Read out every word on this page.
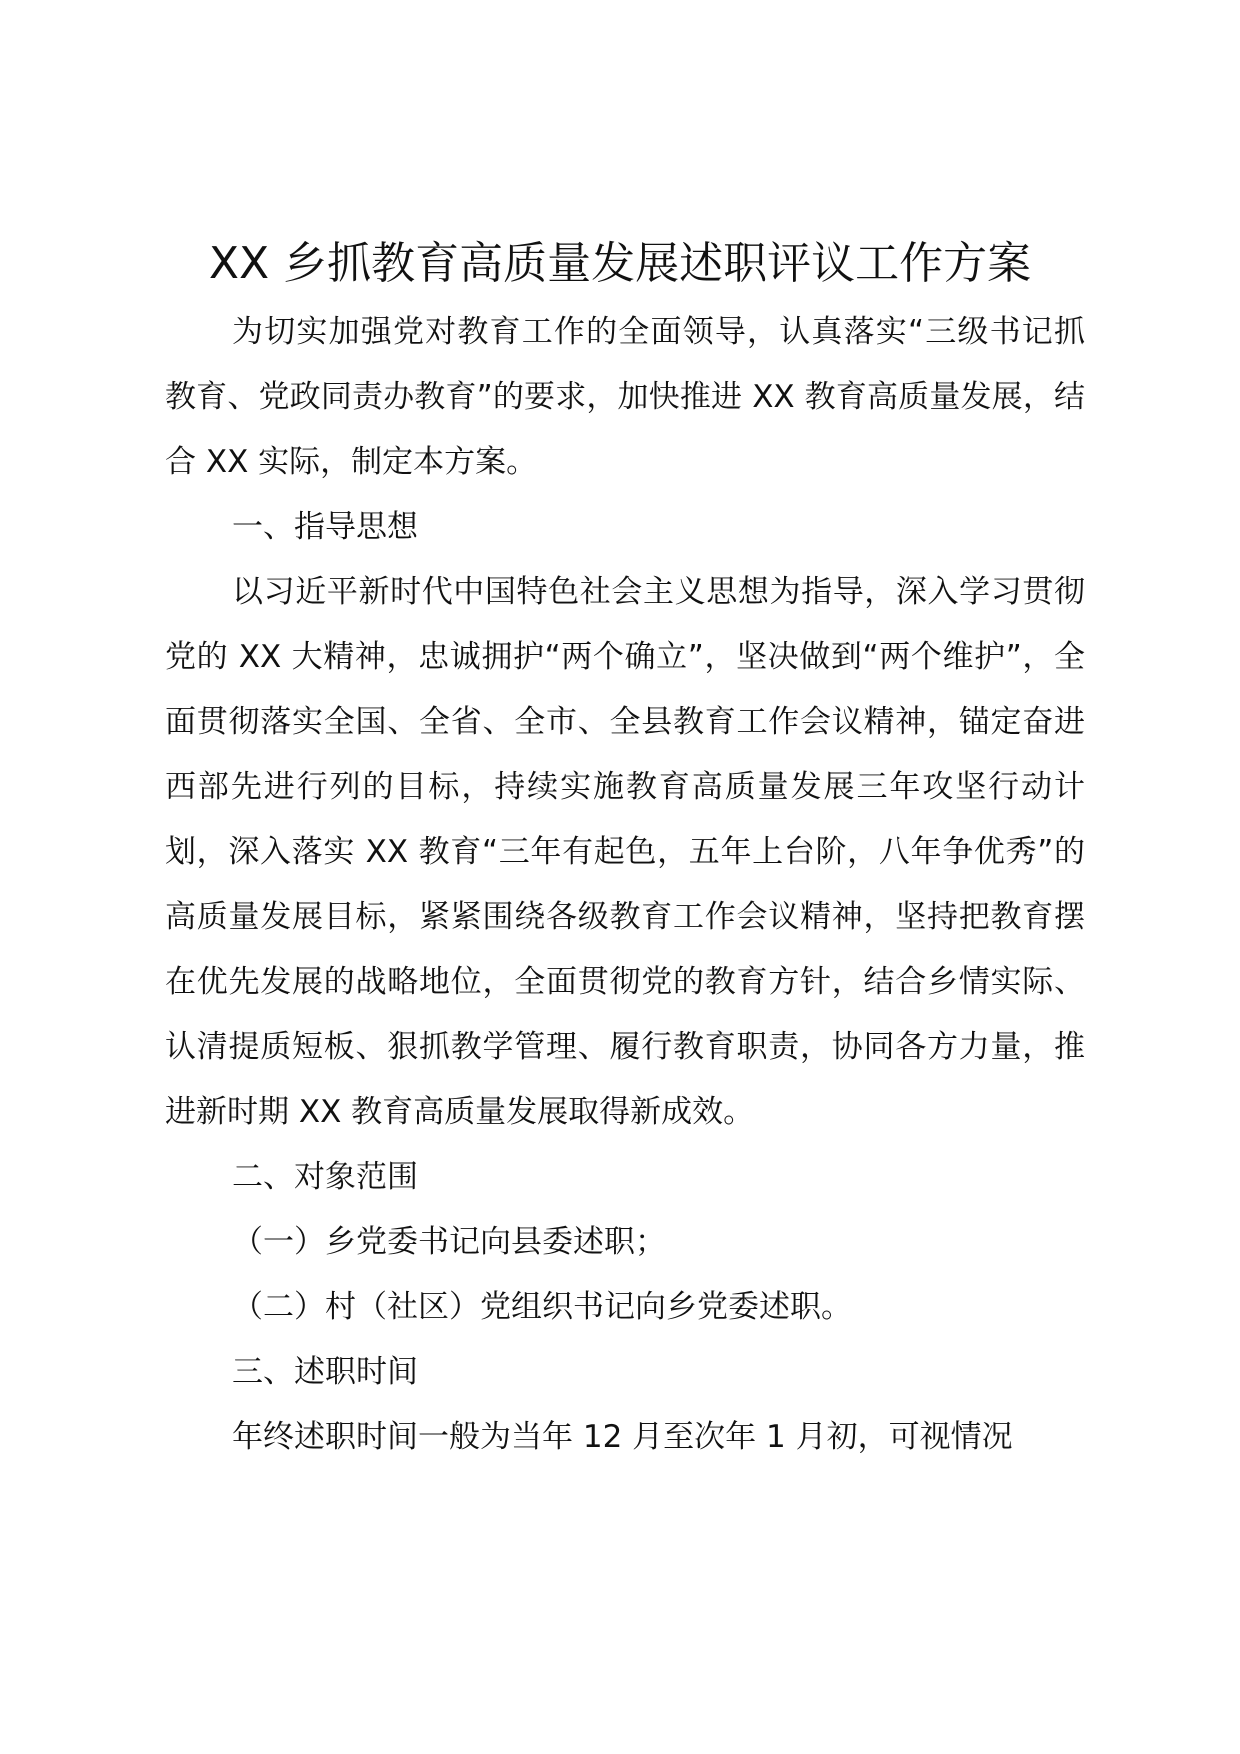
XX 乡抓教育高质量发展述职评议工作方案

为切实加强党对教育工作的全面领导，认真落实“三级书记抓教育、党政同责办教育”的要求，加快推进 XX 教育高质量发展，结合 XX 实际，制定本方案。

一、指导思想

以习近平新时代中国特色社会主义思想为指导，深入学习贯彻党的 XX 大精神，忠诚拥护“两个确立”，坚决做到“两个维护”，全面贯彻落实全国、全省、全市、全县教育工作会议精神，锚定奋进西部先进行列的目标，持续实施教育高质量发展三年攻坚行动计划，深入落实 XX 教育“三年有起色，五年上台阶，八年争优秀”的高质量发展目标，紧紧围绕各级教育工作会议精神，坚持把教育摆在优先发展的战略地位，全面贯彻党的教育方针，结合乡情实际、认清提质短板、狠抓教学管理、履行教育职责，协同各方力量，推进新时期 XX 教育高质量发展取得新成效。

二、对象范围

（一）乡党委书记向县委述职；

（二）村（社区）党组织书记向乡党委述职。

三、述职时间

年终述职时间一般为当年 12 月至次年 1 月初，可视情况
